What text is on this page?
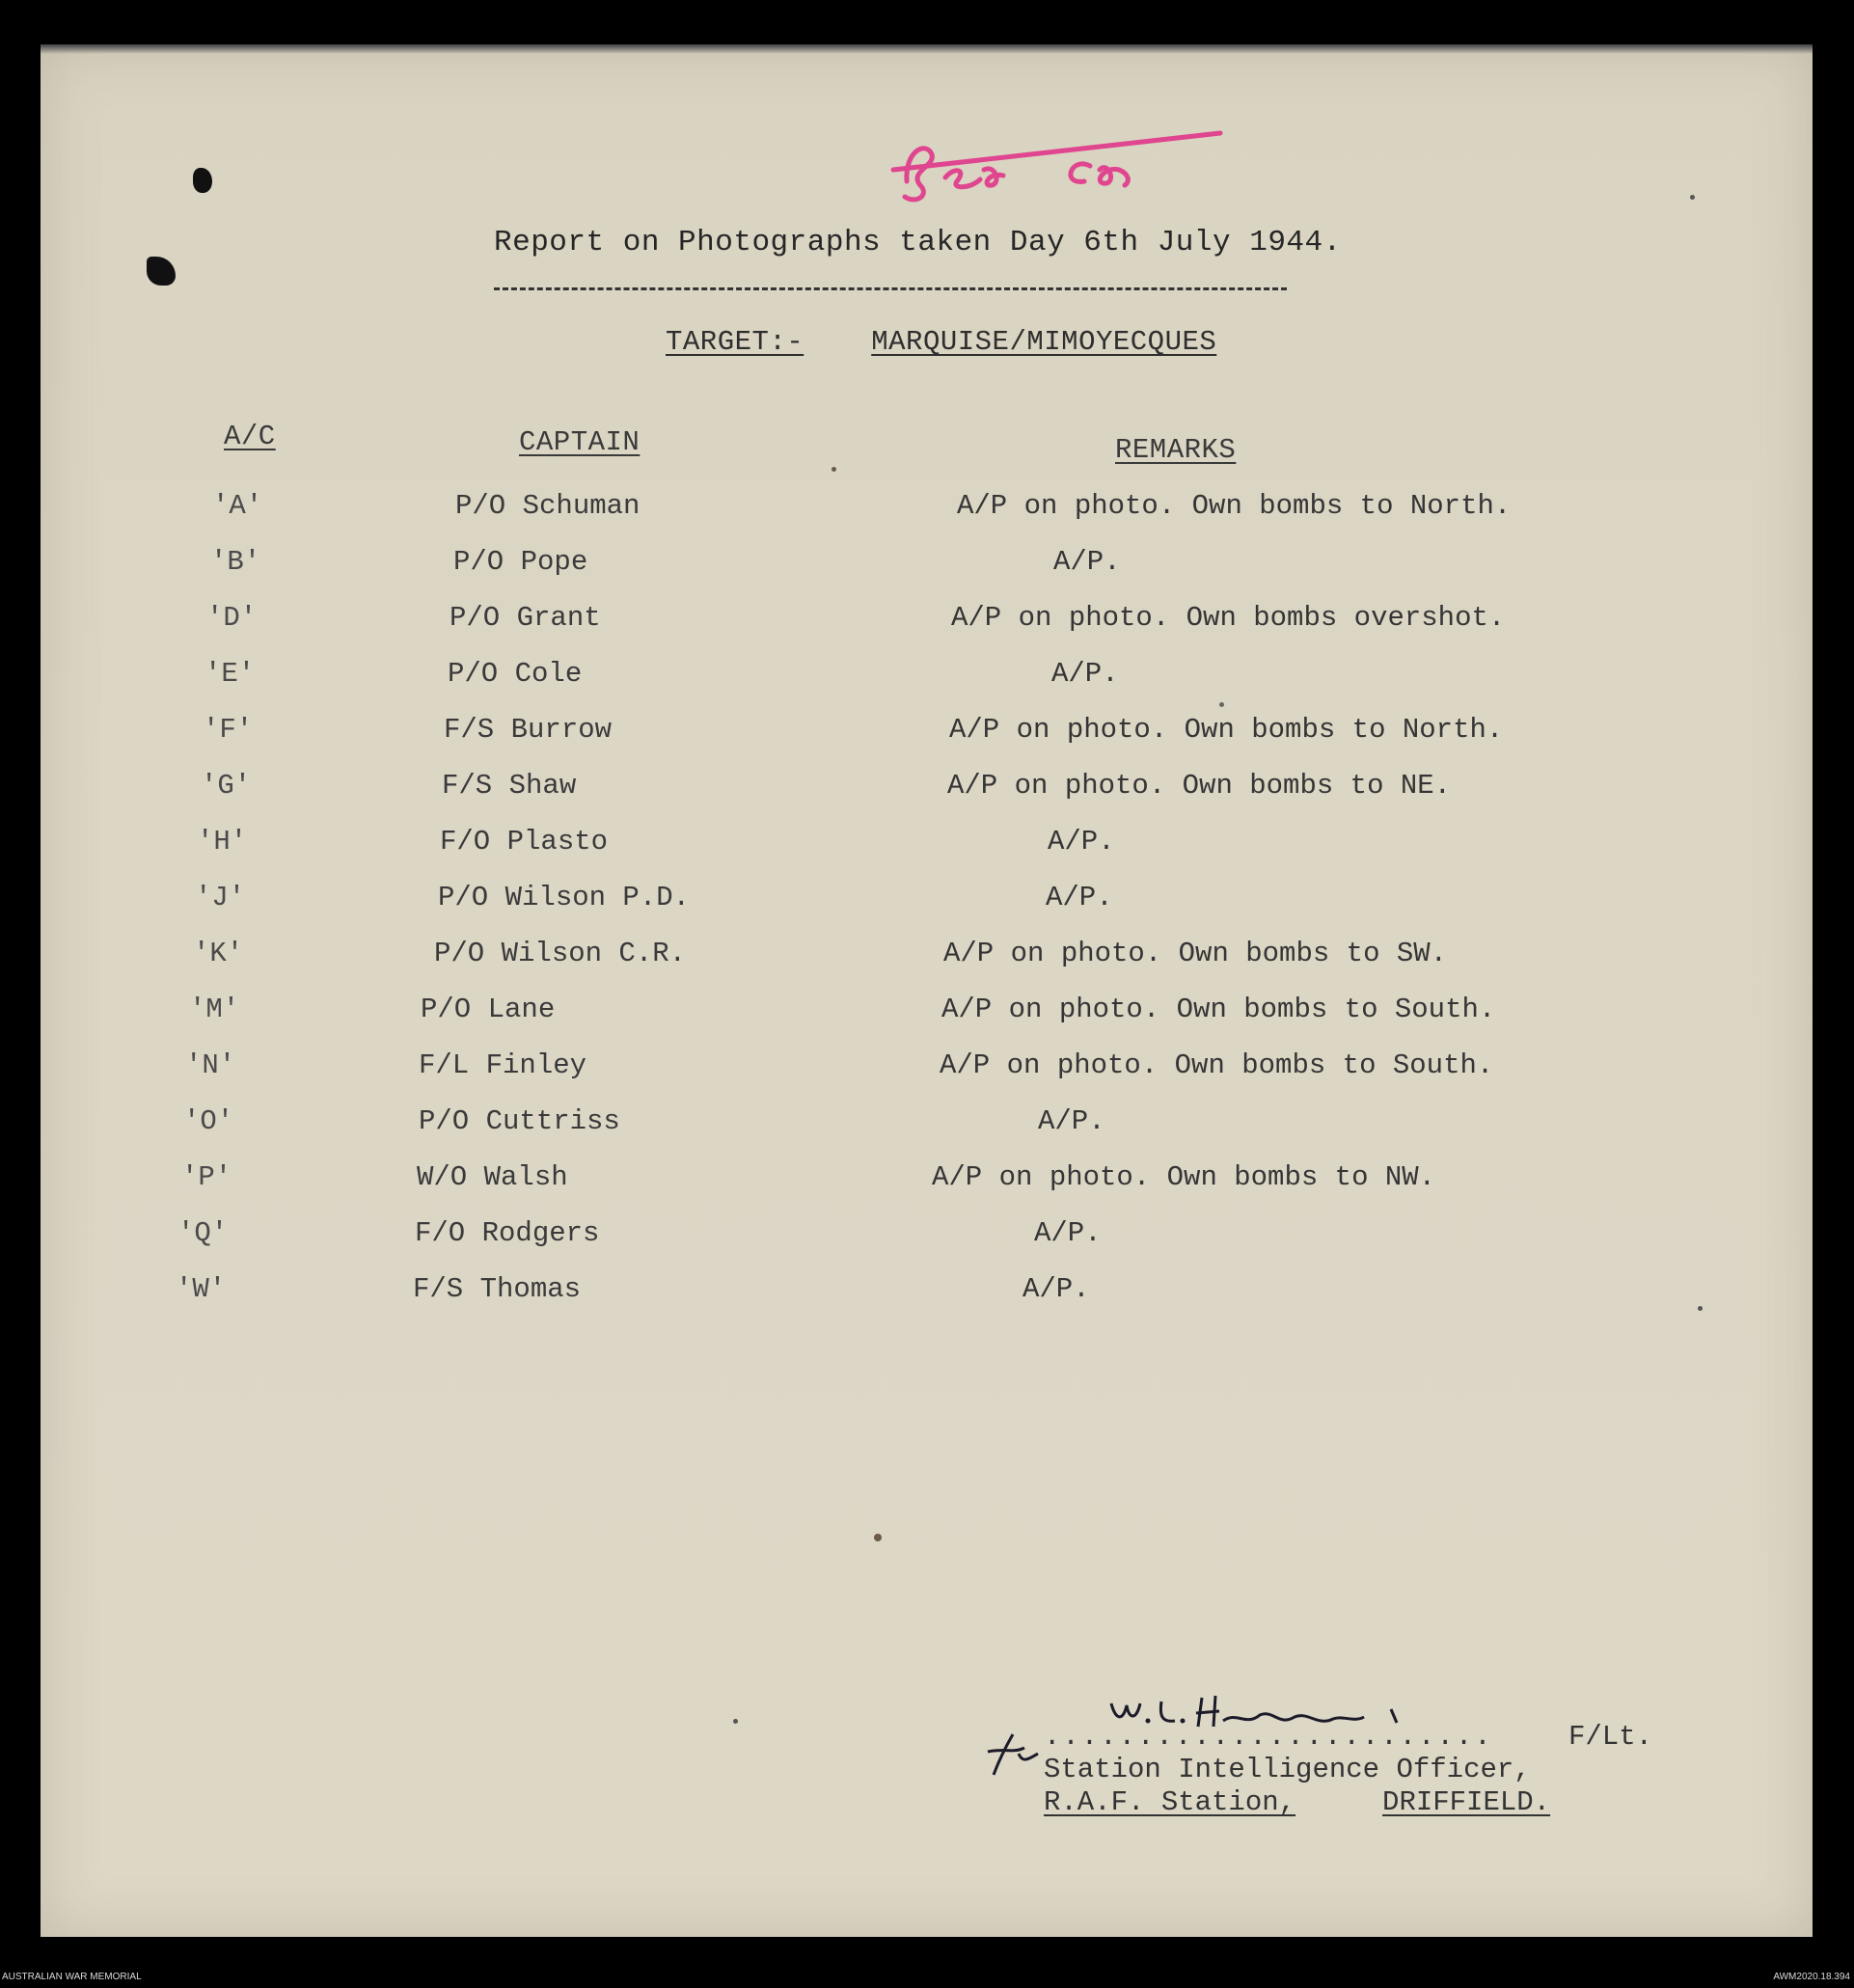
Report on Photographs taken Day 6th July 1944.
TARGET:- MARQUISE/MIMOYECQUES
A/C	CAPTAIN	REMARKS
'A'	P/O Schuman	A/P on photo. Own bombs to North.
'B'	P/O Pope	A/P.
'D'	P/O Grant	A/P on photo. Own bombs overshot.
'E'	P/O Cole	A/P.
'F'	F/S Burrow	A/P on photo. Own bombs to North.
'G'	F/S Shaw	A/P on photo. Own bombs to NE.
'H'	F/O Plasto	A/P.
'J'	P/O Wilson P.D.	A/P.
'K'	P/O Wilson C.R.	A/P on photo. Own bombs to SW.
'M'	P/O Lane	A/P on photo. Own bombs to South.
'N'	F/L Finley	A/P on photo. Own bombs to South.
'O'	P/O Cuttriss	A/P.
'P'	W/O Walsh	A/P on photo. Own bombs to NW.
'Q'	F/O Rodgers	A/P.
'W'	F/S Thomas	A/P.
........................	F/Lt.
Station Intelligence Officer,
R.A.F. Station,	DRIFFIELD.
AUSTRALIAN WAR MEMORIAL	AWM2020.18.394
